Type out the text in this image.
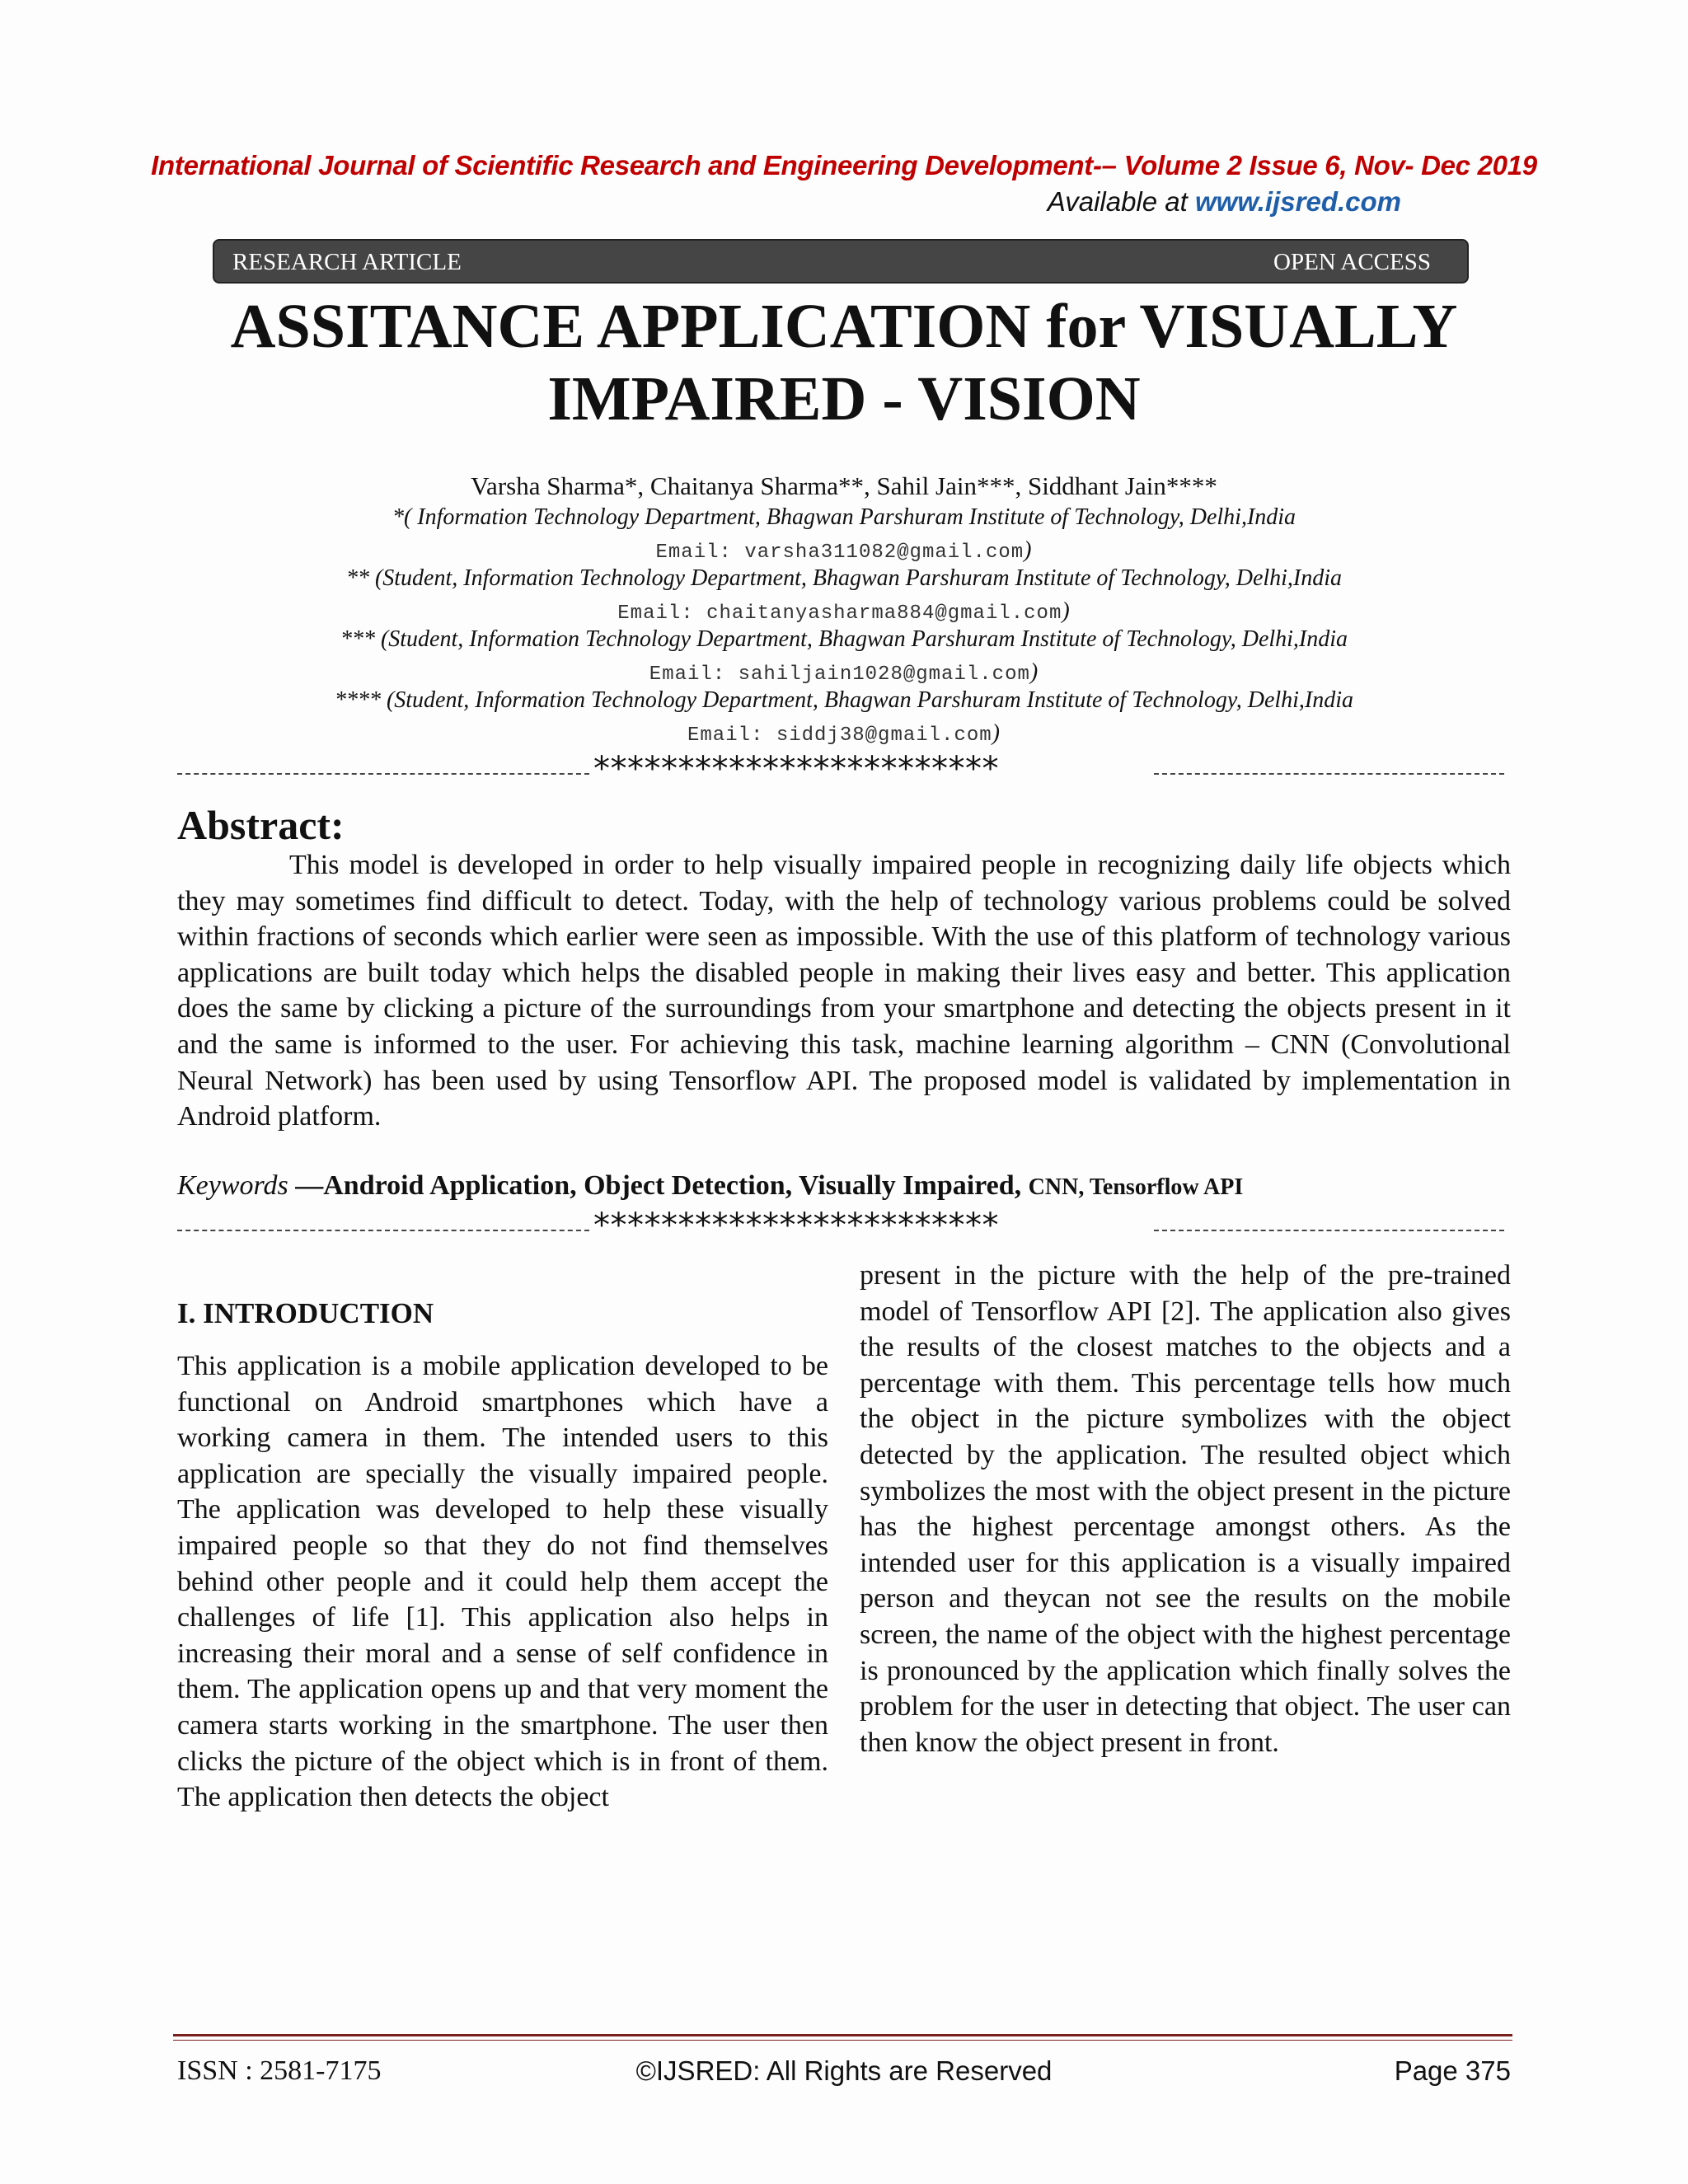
International Journal of Scientific Research and Engineering Development-– Volume 2 Issue 6, Nov- Dec 2019
Available at www.ijsred.com
RESEARCH ARTICLE	OPEN ACCESS
ASSITANCE APPLICATION for VISUALLY
IMPAIRED - VISION
Varsha Sharma*, Chaitanya Sharma**, Sahil Jain***, Siddhant Jain****
*( Information Technology Department, Bhagwan Parshuram Institute of Technology, Delhi,India
Email: varsha311082@gmail.com)
** (Student, Information Technology Department, Bhagwan Parshuram Institute of Technology, Delhi,India
Email: chaitanyasharma884@gmail.com)
*** (Student, Information Technology Department, Bhagwan Parshuram Institute of Technology, Delhi,India
Email: sahiljain1028@gmail.com)
**** (Student, Information Technology Department, Bhagwan Parshuram Institute of Technology, Delhi,India
Email: siddj38@gmail.com)
************************
Abstract:
This model is developed in order to help visually impaired people in recognizing daily life objects which they may sometimes find difficult to detect. Today, with the help of technology various problems could be solved within fractions of seconds which earlier were seen as impossible. With the use of this platform of technology various applications are built today which helps the disabled people in making their lives easy and better. This application does the same by clicking a picture of the surroundings from your smartphone and detecting the objects present in it and the same is informed to the user. For achieving this task, machine learning algorithm – CNN (Convolutional Neural Network) has been used by using Tensorflow API. The proposed model is validated by implementation in Android platform.
Keywords —Android Application, Object Detection, Visually Impaired, CNN, Tensorflow API
************************
I. INTRODUCTION
This application is a mobile application developed to be functional on Android smartphones which have a working camera in them. The intended users to this application are specially the visually impaired people. The application was developed to help these visually impaired people so that they do not find themselves behind other people and it could help them accept the challenges of life [1]. This application also helps in increasing their moral and a sense of self confidence in them. The application opens up and that very moment the camera starts working in the smartphone. The user then clicks the picture of the object which is in front of them. The application then detects the object
present in the picture with the help of the pre-trained model of Tensorflow API [2]. The application also gives the results of the closest matches to the objects and a percentage with them. This percentage tells how much the object in the picture symbolizes with the object detected by the application. The resulted object which symbolizes the most with the object present in the picture has the highest percentage amongst others. As the intended user for this application is a visually impaired person and theycan not see the results on the mobile screen, the name of the object with the highest percentage is pronounced by the application which finally solves the problem for the user in detecting that object. The user can then know the object present in front.
ISSN : 2581-7175	©IJSRED: All Rights are Reserved	Page 375
